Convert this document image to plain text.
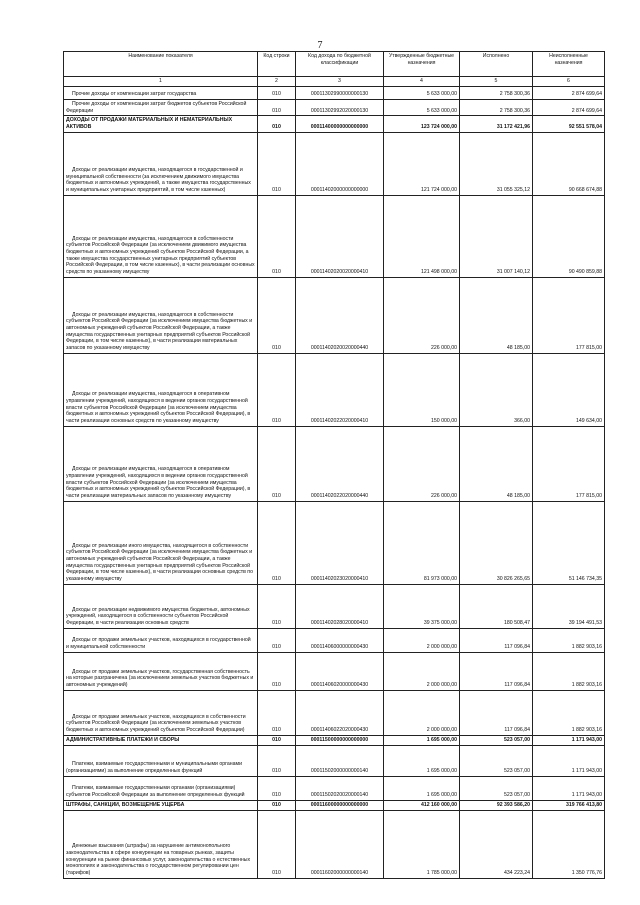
7
Наименование показателя	Код строки	Код дохода по бюджетной классификации	Утвержденные бюджетные назначения	Исполнено	Неисполненные назначения
1	2	3	4	5	6
Прочие доходы от компенсации затрат государства	010	00011302990000000130	5 633 000,00	2 758 300,36	2 874 699,64
Прочие доходы от компенсации затрат бюджетов субъектов Российской Федерации	010	00011302992020000130	5 633 000,00	2 758 300,36	2 874 699,64
ДОХОДЫ ОТ ПРОДАЖИ МАТЕРИАЛЬНЫХ И НЕМАТЕРИАЛЬНЫХ АКТИВОВ	010	00011400000000000000	123 724 000,00	31 172 421,96	92 551 578,04
Доходы от реализации имущества, находящегося в государственной и муниципальной собственности (за исключением движимого имущества бюджетных и автономных учреждений, а также имущества государственных и муниципальных унитарных предприятий, в том числе казенных)	010	00011402000000000000	121 724 000,00	31 055 325,12	90 668 674,88
Доходы от реализации имущества, находящегося в собственности субъектов Российской Федерации (за исключением движимого имущества бюджетных и автономных учреждений субъектов Российской Федерации, а также имущества государственных унитарных предприятий субъектов Российской Федерации, в том числе казенных), в части реализации основных средств по указанному имуществу	010	00011402020020000410	121 498 000,00	31 007 140,12	90 490 859,88
Доходы от реализации имущества, находящегося в собственности субъектов Российской Федерации (за исключением имущества бюджетных и автономных учреждений субъектов Российской Федерации, а также имущества государственных унитарных предприятий субъектов Российской Федерации, в том числе казенных), в части реализации материальных запасов по указанному имуществу	010	00011402020020000440	226 000,00	48 185,00	177 815,00
Доходы от реализации имущества, находящегося в оперативном управлении учреждений, находящихся в ведении органов государственной власти субъектов Российской Федерации (за исключением имущества бюджетных и автономных учреждений субъектов Российской Федерации), в части реализации основных средств по указанному имуществу	010	00011402022020000410	150 000,00	366,00	149 634,00
Доходы от реализации имущества, находящегося в оперативном управлении учреждений, находящихся в ведении органов государственной власти субъектов Российской Федерации (за исключением имущества бюджетных и автономных учреждений субъектов Российской Федерации), в части реализации материальных запасов по указанному имуществу	010	00011402022020000440	226 000,00	48 185,00	177 815,00
Доходы от реализации иного имущества, находящегося в собственности субъектов Российской Федерации (за исключением имущества бюджетных и автономных учреждений субъектов Российской Федерации, а также имущества государственных унитарных предприятий субъектов Российской Федерации, в том числе казенных), в части реализации основных средств по указанному имуществу	010	00011402023020000410	81 973 000,00	30 826 265,65	51 146 734,35
Доходы от реализации недвижимого имущества бюджетных, автономных учреждений, находящегося в собственности субъектов Российской Федерации, в части реализации основных средств	010	00011402028020000410	39 375 000,00	180 508,47	39 194 491,53
Доходы от продажи земельных участков, находящихся в государственной и муниципальной собственности	010	00011406000000000430	2 000 000,00	117 096,84	1 882 903,16
Доходы от продажи земельных участков, государственная собственность на которые разграничена (за исключением земельных участков бюджетных и автономных учреждений)	010	00011406020000000430	2 000 000,00	117 096,84	1 882 903,16
Доходы от продажи земельных участков, находящихся в собственности субъектов Российской Федерации (за исключением земельных участков бюджетных и автономных учреждений субъектов Российской Федерации)	010	00011406022020000430	2 000 000,00	117 096,84	1 882 903,16
АДМИНИСТРАТИВНЫЕ ПЛАТЕЖИ И СБОРЫ	010	00011500000000000000	1 695 000,00	523 057,00	1 171 943,00
Платежи, взимаемые государственными и муниципальными органами (организациями) за выполнение определенных функций	010	00011502000000000140	1 695 000,00	523 057,00	1 171 943,00
Платежи, взимаемые государственными органами (организациями) субъектов Российской Федерации за выполнение определенных функций	010	00011502020020000140	1 695 000,00	523 057,00	1 171 943,00
ШТРАФЫ, САНКЦИИ, ВОЗМЕЩЕНИЕ УЩЕРБА	010	00011600000000000000	412 160 000,00	92 393 586,20	319 766 413,80
Денежные взыскания (штрафы) за нарушение антимонопольного законодательства в сфере конкуренции на товарных рынках, защиты конкуренции на рынке финансовых услуг, законодательства о естественных монополиях и законодательства о государственном регулировании цен (тарифов)	010	00011602000000000140	1 785 000,00	434 223,24	1 350 776,76
